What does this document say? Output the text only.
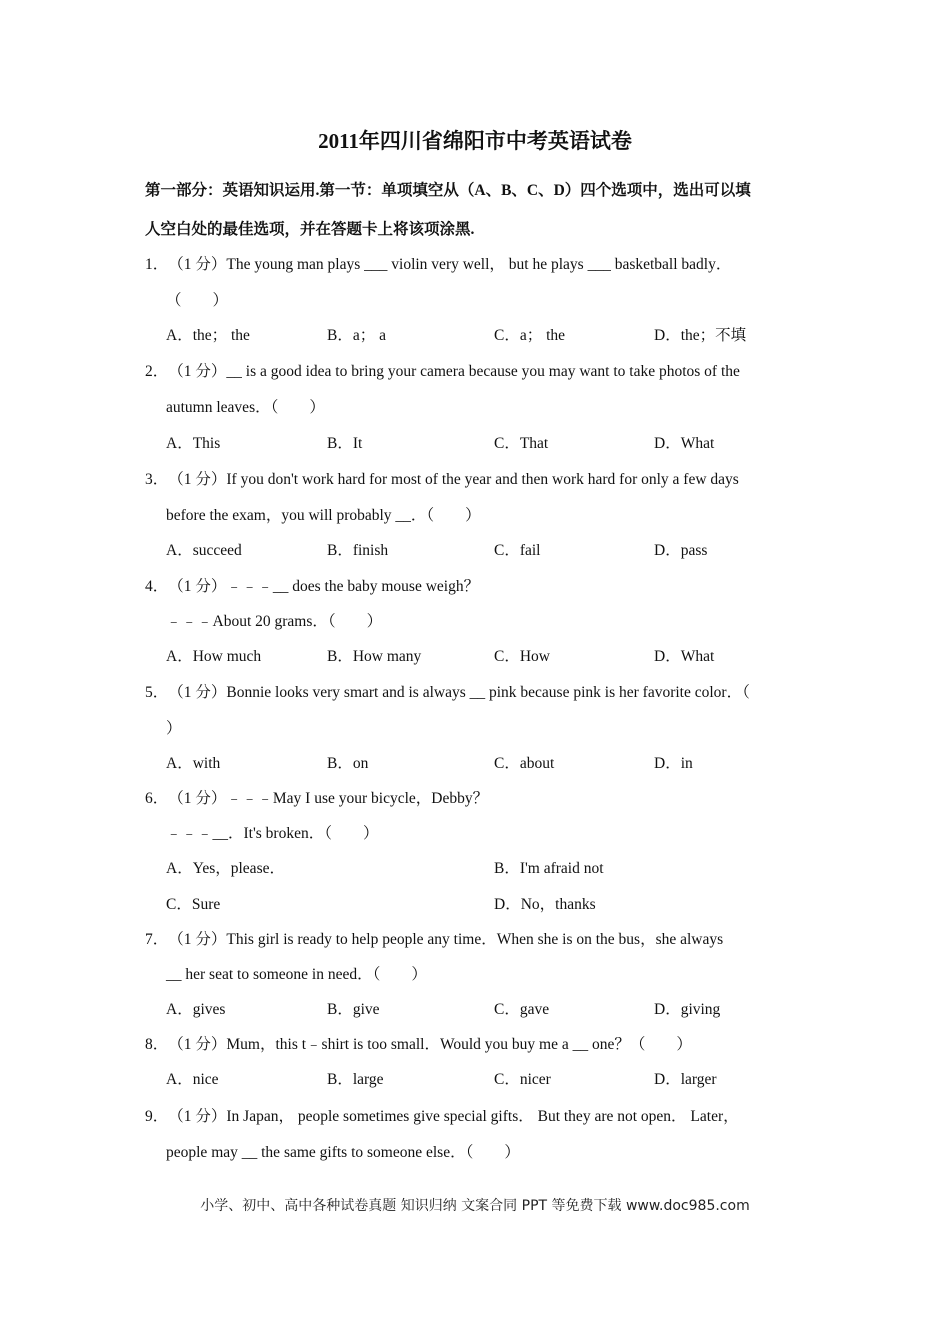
2011年四川省绵阳市中考英语试卷
第一部分：英语知识运用.第一节：单项填空从（A、B、C、D）四个选项中，选出可以填
人空白处的最佳选项，并在答题卡上将该项涂黑.
1．（1 分）The young man plays ___ violin very well， but he plays ___ basketball badly．
（　　）
A．the； the	B．a； a	C．a； the	D．the；不填
2．（1 分）__ is a good idea to bring your camera because you may want to take photos of the
autumn leaves．（　　）
A．This	B．It	C．That	D．What
3．（1 分）If you don't work hard for most of the year and then work hard for only a few days
before the exam，you will probably __．（　　）
A．succeed	B．finish	C．fail	D．pass
4．（1 分）﹣﹣﹣__ does the baby mouse weigh？
﹣﹣﹣About 20 grams．（　　）
A．How much	B．How many	C．How	D．What
5．（1 分）Bonnie looks very smart and is always __ pink because pink is her favorite color．（
）
A．with	B．on	C．about	D．in
6．（1 分）﹣﹣﹣May I use your bicycle，Debby？
﹣﹣﹣__．It's broken．（　　）
A．Yes，please．	B．I'm afraid not
C．Sure	D．No，thanks
7．（1 分）This girl is ready to help people any time．When she is on the bus，she always
__ her seat to someone in need．（　　）
A．gives	B．give	C．gave	D．giving
8．（1 分）Mum，this t﹣shirt is too small．Would you buy me a __ one？（　　）
A．nice	B．large	C．nicer	D．larger
9．（1 分）In Japan， people sometimes give special gifts． But they are not open． Later，
people may __ the same gifts to someone else．（　　）
小学、初中、高中各种试卷真题 知识归纳 文案合同 PPT 等免费下载 www.doc985.com
